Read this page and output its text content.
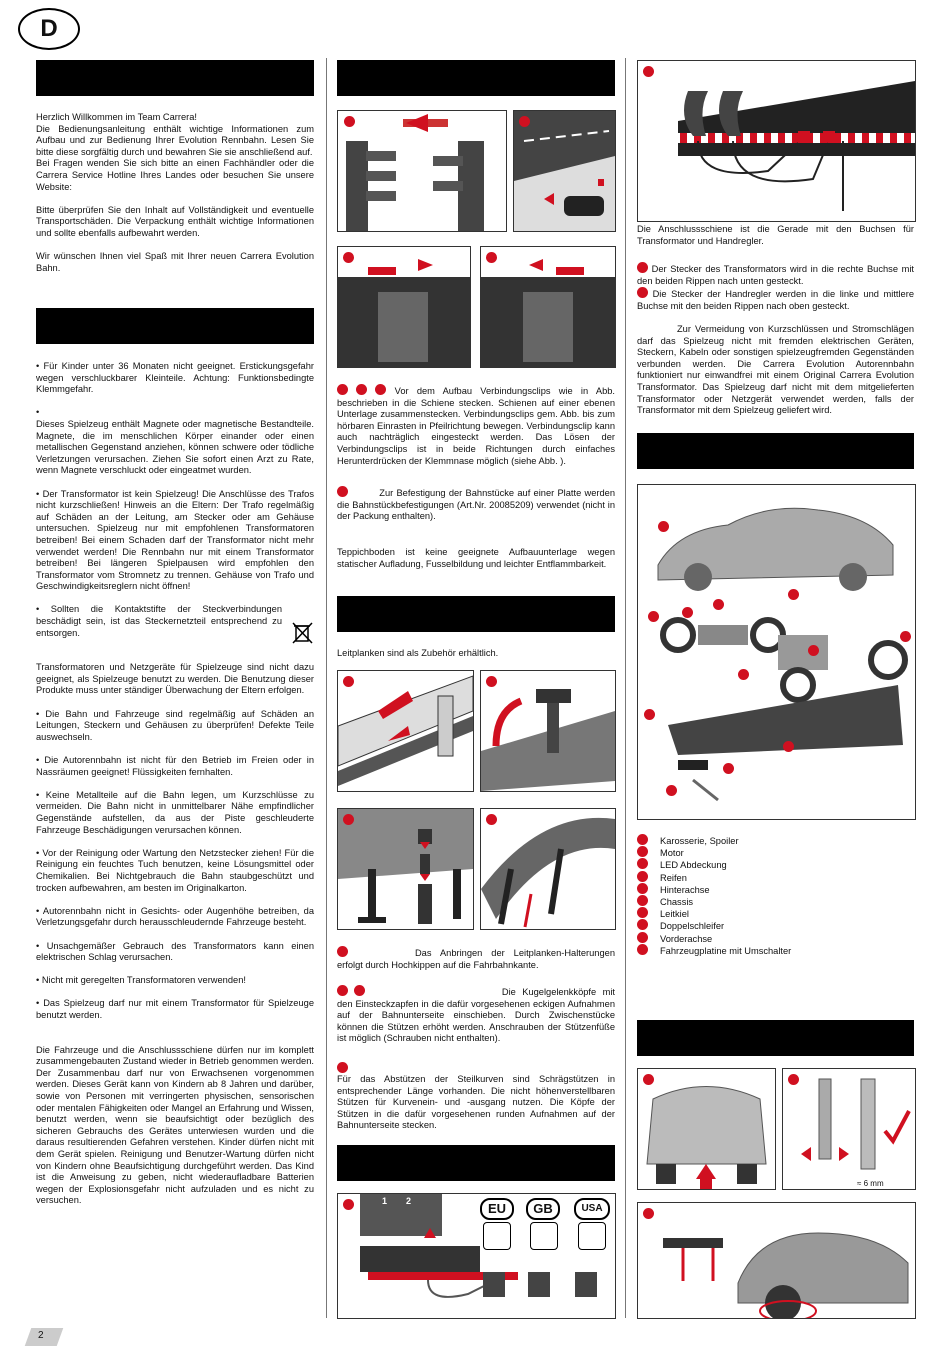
D

Herzlich Willkommen im Team Carrera!

Die Bedienungsanleitung enthält wichtige Informationen zum Aufbau und zur Bedienung Ihrer Evolution Rennbahn. Lesen Sie bitte diese sorgfältig durch und bewahren Sie sie anschließend auf.

Bei Fragen wenden Sie sich bitte an einen Fachhändler oder die Carrera Service Hotline Ihres Landes oder besuchen Sie unsere Website:

Bitte überprüfen Sie den Inhalt auf Vollständigkeit und eventuelle Transportschäden. Die Verpackung enthält wichtige Informationen und sollte ebenfalls aufbewahrt werden.

Wir wünschen Ihnen viel Spaß mit Ihrer neuen Carrera Evolution Bahn.

• Für Kinder unter 36 Monaten nicht geeignet. Erstickungsgefahr wegen verschluckbarer Kleinteile. Achtung: Funktionsbedingte Klemmgefahr.

•

Dieses Spielzeug enthält Magnete oder magnetische Bestandteile. Magnete, die im menschlichen Körper einander oder einen metallischen Gegenstand anziehen, können schwere oder tödliche Verletzungen verursachen. Ziehen Sie sofort einen Arzt zu Rate, wenn Magnete verschluckt oder eingeatmet wurden.

• Der Transformator ist kein Spielzeug! Die Anschlüsse des Trafos nicht kurzschließen! Hinweis an die Eltern: Der Trafo regelmäßig auf Schäden an der Leitung, am Stecker oder am Gehäuse untersuchen. Spielzeug nur mit empfohlenen Transformatoren betreiben! Bei einem Schaden darf der Transformator nicht mehr verwendet werden! Die Rennbahn nur mit einem Transformator betreiben! Bei längeren Spielpausen wird empfohlen den Transformator vom Stromnetz zu trennen. Gehäuse von Trafo und Geschwindigkeitsreglern nicht öffnen!

• Sollten die Kontaktstifte der Steckverbindungen beschädigt sein, ist das Steckernetzteil entsprechend zu entsorgen.

Transformatoren und Netzgeräte für Spielzeuge sind nicht dazu geeignet, als Spielzeuge benutzt zu werden. Die Benutzung dieser Produkte muss unter ständiger Überwachung der Eltern erfolgen.

• Die Bahn und Fahrzeuge sind regelmäßig auf Schäden an Leitungen, Steckern und Gehäusen zu überprüfen! Defekte Teile auswechseln.

• Die Autorennbahn ist nicht für den Betrieb im Freien oder in Nassräumen geeignet! Flüssigkeiten fernhalten.

• Keine Metallteile auf die Bahn legen, um Kurzschlüsse zu vermeiden. Die Bahn nicht in unmittelbarer Nähe empfindlicher Gegenstände aufstellen, da aus der Piste geschleuderte Fahrzeuge Beschädigungen verursachen können.

• Vor der Reinigung oder Wartung den Netzstecker ziehen! Für die Reinigung ein feuchtes Tuch benutzen, keine Lösungsmittel oder Chemikalien. Bei Nichtgebrauch die Bahn staubgeschützt und trocken aufbewahren, am besten im Originalkarton.

• Autorennbahn nicht in Gesichts- oder Augenhöhe betreiben, da Verletzungsgefahr durch herausschleudernde Fahrzeuge besteht.

• Unsachgemäßer Gebrauch des Transformators kann einen elektrischen Schlag verursachen.

• Nicht mit geregelten Transformatoren verwenden!

• Das Spielzeug darf nur mit einem Transformator für Spielzeuge benutzt werden.

Die Fahrzeuge und die Anschlussschiene dürfen nur im komplett zusammengebauten Zustand wieder in Betrieb genommen werden. Der Zusammenbau darf nur von Erwachsenen vorgenommen werden. Dieses Gerät kann von Kindern ab 8 Jahren und darüber, sowie von Personen mit verringerten physischen, sensorischen oder mentalen Fähigkeiten oder Mangel an Erfahrung und Wissen, benutzt werden, wenn sie beaufsichtigt oder bezüglich des sicheren Gebrauchs des Gerätes unterwiesen wurden und die daraus resultierenden Gefahren verstehen. Kinder dürfen nicht mit dem Gerät spielen. Reinigung und Benutzer-Wartung dürfen nicht von Kindern ohne Beaufsichtigung durchgeführt werden. Das Kind ist die Anweisung zu geben, nicht wiederaufladbare Batterien wegen der Explosionsgefahr nicht aufzuladen und es nicht zu versuchen.

2

Vor dem Aufbau Verbindungsclips wie in Abb. beschrieben in die Schiene stecken. Schienen auf einer ebenen Unterlage zusammenstecken. Verbindungsclips gem. Abb. bis zum hörbaren Einrasten in Pfeilrichtung bewegen. Verbindungsclip kann auch nachträglich eingesteckt werden. Das Lösen der Verbindungsclips ist in beide Richtungen durch einfaches Herunterdrücken der Klemmnase möglich (siehe Abb. ).

Zur Befestigung der Bahnstücke auf einer Platte werden die Bahnstückbefestigungen (Art.Nr. 20085209) verwendet (nicht in der Packung enthalten).

Teppichboden ist keine geeignete Aufbauunterlage wegen statischer Aufladung, Fusselbildung und leichter Entflammbarkeit.
Leitplanken sind als Zubehör erhältlich.

Das Anbringen der Leitplanken-Halterungen erfolgt durch Hochkippen auf die Fahrbahnkante.

Die Kugelgelenkköpfe mit den Einsteckzapfen in die dafür vorgesehenen eckigen Aufnahmen auf der Bahnunterseite einschieben. Durch Zwischenstücke können die Stützen erhöht werden. Anschrauben der Stützenfüße ist möglich (Schrauben nicht enthalten).

Für das Abstützen der Steilkurven sind Schrägstützen in entsprechender Länge vorhanden. Die nicht höhenverstellbaren Stützen für Kurvenein- und -ausgang nutzen. Die Köpfe der Stützen in die dafür vorgesehenen runden Aufnahmen auf der Bahnunterseite stecken.
1 2	EU	GB	USA
Die Anschlussschiene ist die Gerade mit den Buchsen für Transformator und Handregler.

Der Stecker des Transformators wird in die rechte Buchse mit den beiden Rippen nach unten gesteckt.

Die Stecker der Handregler werden in die linke und mittlere Buchse mit den beiden Rippen nach oben gesteckt.

Zur Vermeidung von Kurzschlüssen und Stromschlägen darf das Spielzeug nicht mit fremden elektrischen Geräten, Steckern, Kabeln oder sonstigen spielzeugfremden Gegenständen verbunden werden. Die Carrera Evolution Autorennbahn funktioniert nur einwandfrei mit einem Original Carrera Evolution Transformator. Das Spielzeug darf nicht mit dem mitgelieferten Transformator oder Netzgerät verwendet werden, falls der Transformator mit dem Spielzeug geliefert wird.

Karosserie, Spoiler
Motor
LED Abdeckung
Reifen
Hinterachse
Chassis
Leitkiel
Doppelschleifer
Vorderachse
Fahrzeugplatine mit Umschalter
≈ 6 mm
